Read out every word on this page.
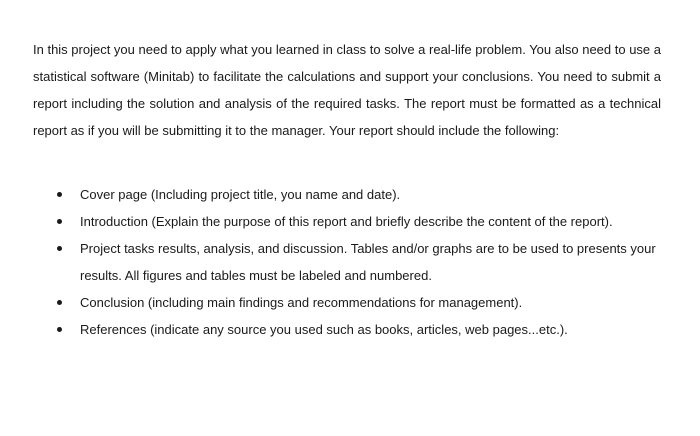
In this project you need to apply what you learned in class to solve a real-life problem. You also need to use a statistical software (Minitab) to facilitate the calculations and support your conclusions. You need to submit a report including the solution and analysis of the required tasks. The report must be formatted as a technical report as if you will be submitting it to the manager. Your report should include the following:

Cover page (Including project title, you name and date).
Introduction (Explain the purpose of this report and briefly describe the content of the report).
Project tasks results, analysis, and discussion. Tables and/or graphs are to be used to presents your results. All figures and tables must be labeled and numbered.
Conclusion (including main findings and recommendations for management).
References (indicate any source you used such as books, articles, web pages...etc.).
